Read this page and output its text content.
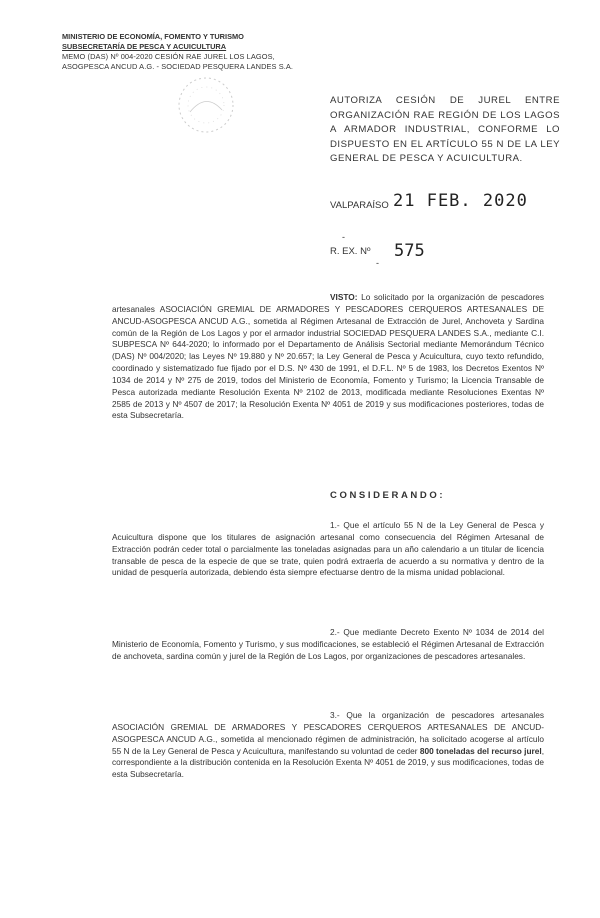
MINISTERIO DE ECONOMÍA, FOMENTO Y TURISMO
SUBSECRETARÍA DE PESCA Y ACUICULTURA
MEMO (DAS) Nº 004-2020 CESIÓN RAE JUREL LOS LAGOS,
ASOGPESCA ANCUD A.G. - SOCIEDAD PESQUERA LANDES S.A.
AUTORIZA CESIÓN DE JUREL ENTRE ORGANIZACIÓN RAE REGIÓN DE LOS LAGOS A ARMADOR INDUSTRIAL, CONFORME LO DISPUESTO EN EL ARTÍCULO 55 N DE LA LEY GENERAL DE PESCA Y ACUICULTURA.
VALPARAÍSO 21 FEB. 2020
-
R. EX. Nº 575
-
VISTO: Lo solicitado por la organización de pescadores artesanales ASOCIACIÓN GREMIAL DE ARMADORES Y PESCADORES CERQUEROS ARTESANALES DE ANCUD-ASOGPESCA ANCUD A.G., sometida al Régimen Artesanal de Extracción de Jurel, Anchoveta y Sardina común de la Región de Los Lagos y por el armador industrial SOCIEDAD PESQUERA LANDES S.A., mediante C.I. SUBPESCA Nº 644-2020; lo informado por el Departamento de Análisis Sectorial mediante Memorándum Técnico (DAS) Nº 004/2020; las Leyes Nº 19.880 y Nº 20.657; la Ley General de Pesca y Acuicultura, cuyo texto refundido, coordinado y sistematizado fue fijado por el D.S. Nº 430 de 1991, el D.F.L. Nº 5 de 1983, los Decretos Exentos Nº 1034 de 2014 y Nº 275 de 2019, todos del Ministerio de Economía, Fomento y Turismo; la Licencia Transable de Pesca autorizada mediante Resolución Exenta Nº 2102 de 2013, modificada mediante Resoluciones Exentas Nº 2585 de 2013 y Nº 4507 de 2017; la Resolución Exenta Nº 4051 de 2019 y sus modificaciones posteriores, todas de esta Subsecretaría.
CONSIDERANDO:
1.- Que el artículo 55 N de la Ley General de Pesca y Acuicultura dispone que los titulares de asignación artesanal como consecuencia del Régimen Artesanal de Extracción podrán ceder total o parcialmente las toneladas asignadas para un año calendario a un titular de licencia transable de pesca de la especie de que se trate, quien podrá extraerla de acuerdo a su normativa y dentro de la unidad de pesquería autorizada, debiendo ésta siempre efectuarse dentro de la misma unidad poblacional.
2.- Que mediante Decreto Exento Nº 1034 de 2014 del Ministerio de Economía, Fomento y Turismo, y sus modificaciones, se estableció el Régimen Artesanal de Extracción de anchoveta, sardina común y jurel de la Región de Los Lagos, por organizaciones de pescadores artesanales.
3.- Que la organización de pescadores artesanales ASOCIACIÓN GREMIAL DE ARMADORES Y PESCADORES CERQUEROS ARTESANALES DE ANCUD-ASOGPESCA ANCUD A.G., sometida al mencionado régimen de administración, ha solicitado acogerse al artículo 55 N de la Ley General de Pesca y Acuicultura, manifestando su voluntad de ceder 800 toneladas del recurso jurel, correspondiente a la distribución contenida en la Resolución Exenta Nº 4051 de 2019, y sus modificaciones, todas de esta Subsecretaría.
